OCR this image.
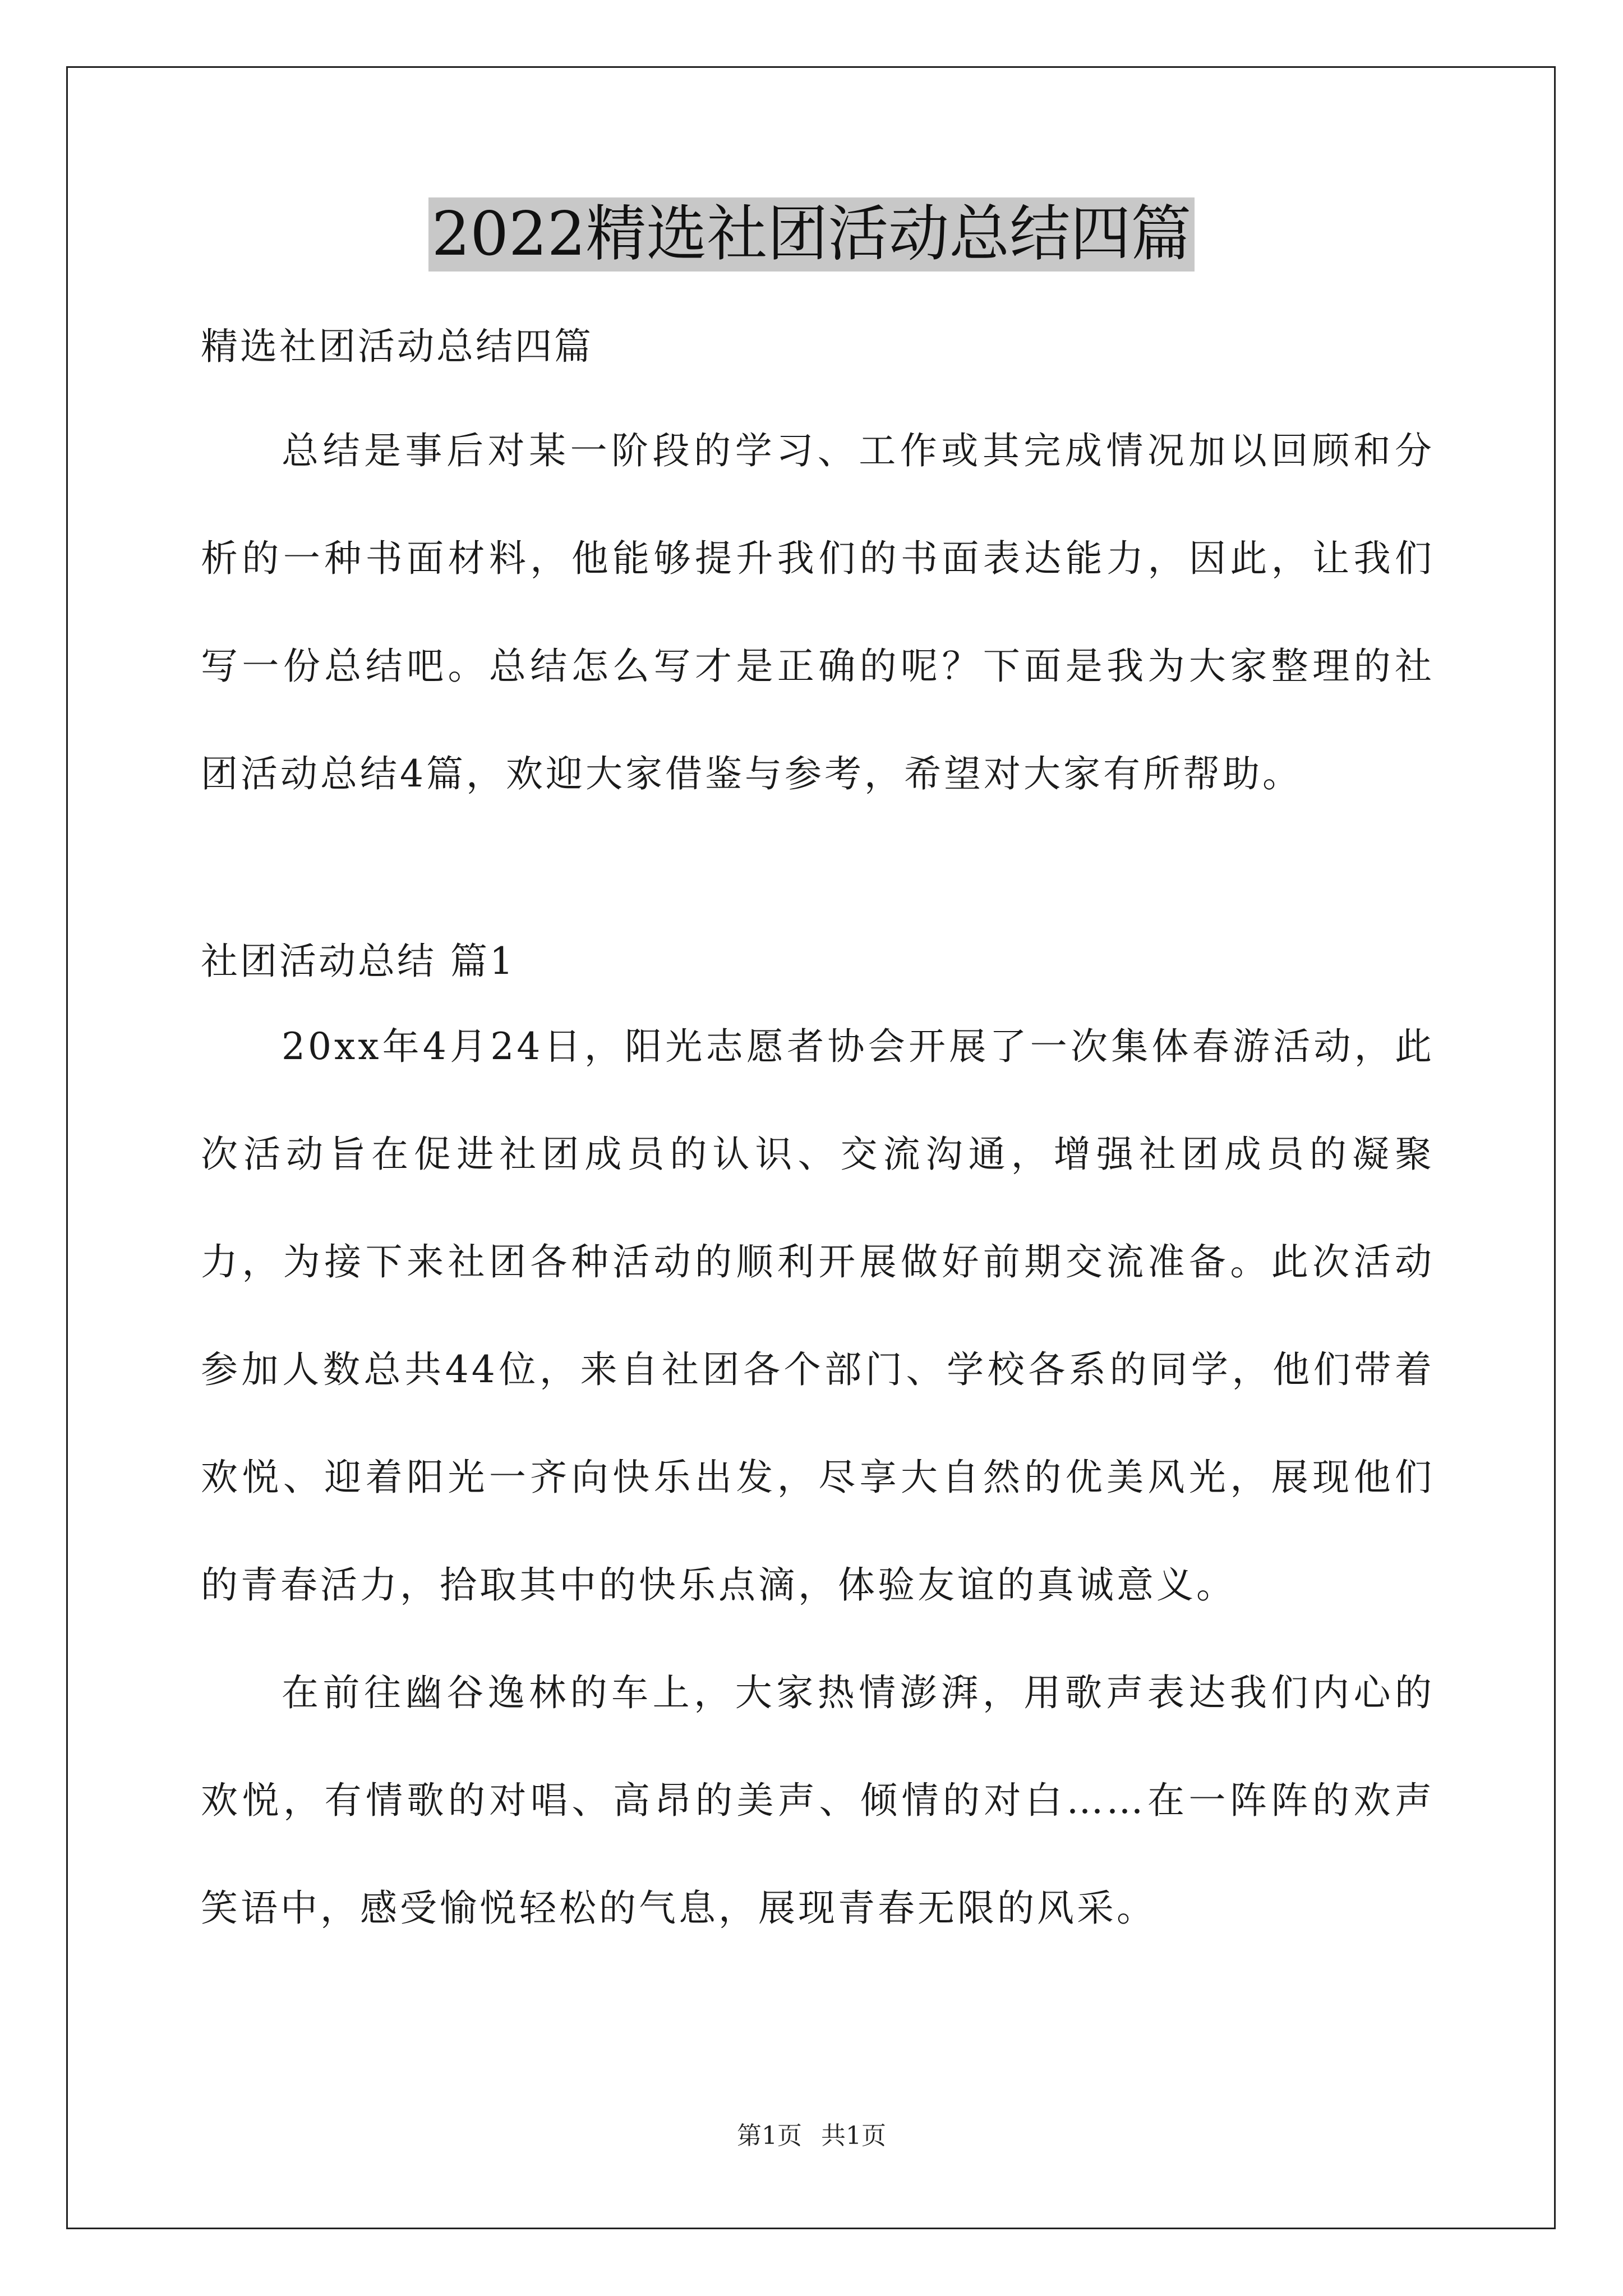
2022精选社团活动总结四篇

精选社团活动总结四篇

总结是事后对某一阶段的学习、工作或其完成情况加以回顾和分析的一种书面材料，他能够提升我们的书面表达能力，因此，让我们写一份总结吧。总结怎么写才是正确的呢？下面是我为大家整理的社团活动总结4篇，欢迎大家借鉴与参考，希望对大家有所帮助。

社团活动总结 篇1

20xx年4月24日，阳光志愿者协会开展了一次集体春游活动，此次活动旨在促进社团成员的认识、交流沟通，增强社团成员的凝聚力，为接下来社团各种活动的顺利开展做好前期交流准备。此次活动参加人数总共44位，来自社团各个部门、学校各系的同学，他们带着欢悦、迎着阳光一齐向快乐出发，尽享大自然的优美风光，展现他们的青春活力，拾取其中的快乐点滴，体验友谊的真诚意义。

在前往幽谷逸林的车上，大家热情澎湃，用歌声表达我们内心的欢悦，有情歌的对唱、高昂的美声、倾情的对白……在一阵阵的欢声笑语中，感受愉悦轻松的气息，展现青春无限的风采。

第1页 共1页
